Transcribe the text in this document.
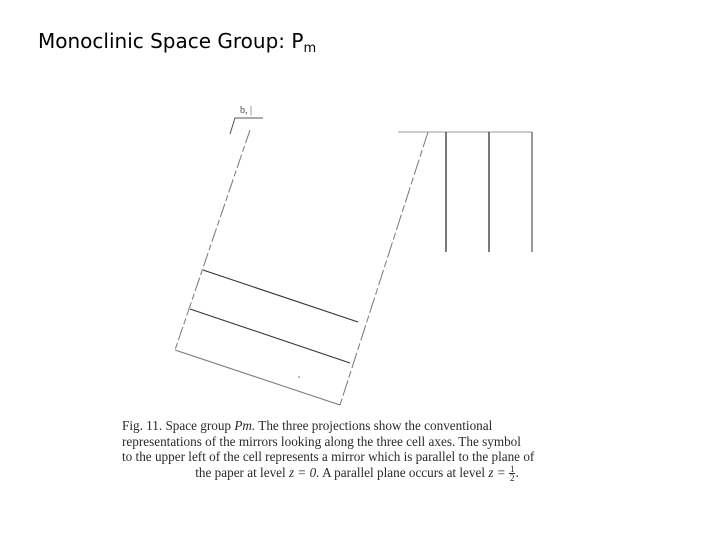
Monoclinic Space Group: $P_m$
b, |
Fig. 11. Space group Pm. The three projections show the conventional
representations of the mirrors looking along the three cell axes. The symbol
to the upper left of the cell represents a mirror which is parallel to the plane of
the paper at level z = 0. A parallel plane occurs at level $z = \frac{1}{2}$ .
